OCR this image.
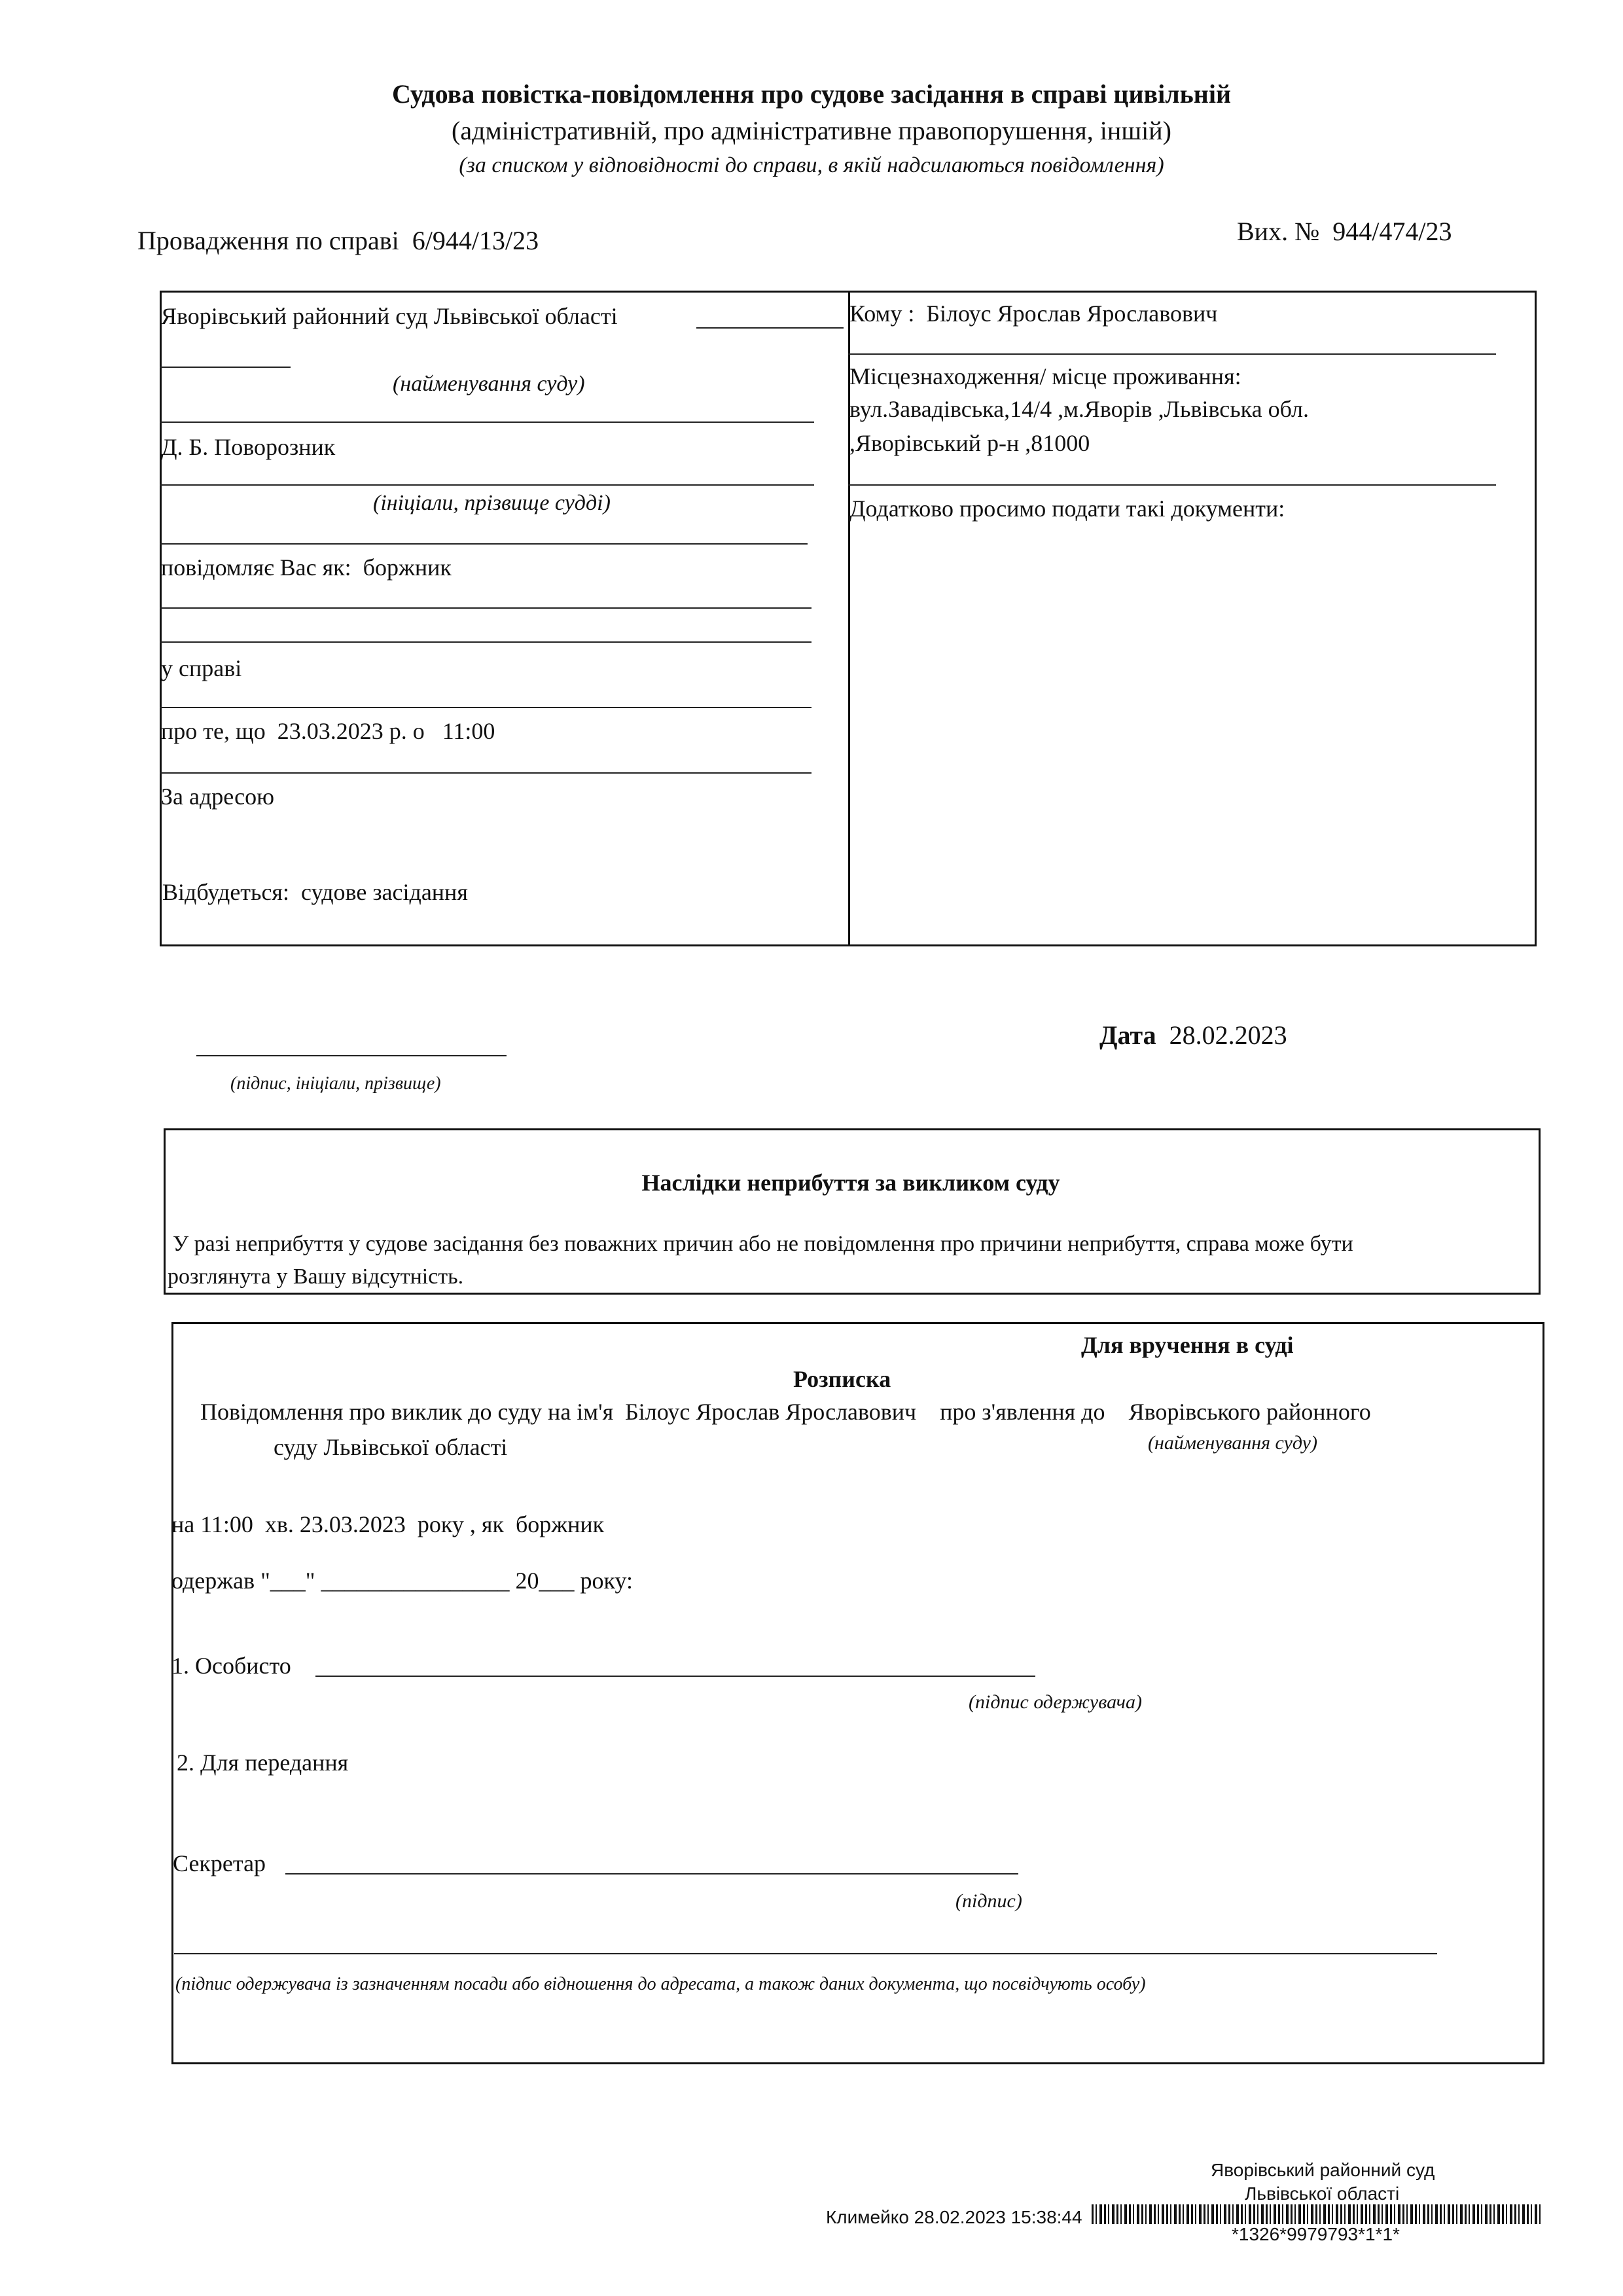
Судова повістка-повідомлення про судове засідання в справі цивільній
(адміністративній, про адміністративне правопорушення, іншій)
(за списком у відповідності до справи, в якій надсилаються повідомлення)
Провадження по справі 6/944/13/23	Вих. № 944/474/23
Яворівський районний суд Львівської області
(найменування суду)
Д. Б. Поворозник
(ініціали, прізвище судді)
повідомляє Вас як: боржник
у справі
про те, що 23.03.2023 р. о 11:00
За адресою
Відбудеться: судове засідання
Кому : Білоус Ярослав Ярославович
Місцезнаходження/ місце проживання:
вул.Завадівська,14/4 ,м.Яворів ,Львівська обл.
,Яворівський р-н ,81000
Додатково просимо подати такі документи:
(підпис, ініціали, прізвище)
Дата 28.02.2023
Наслідки неприбуття за викликом суду
У разі неприбуття у судове засідання без поважних причин або не повідомлення про причини неприбуття, справа може бути
розглянута у Вашу відсутність.
Для вручення в суді
Розписка
Повідомлення про виклик до суду на ім'я Білоус Ярослав Ярославович про з'явлення до Яворівського районного
суду Львівської області	(найменування суду)
на 11:00 хв. 23.03.2023 року , як боржник
одержав "___" ________________ 20___ року:
1. Особисто
(підпис одержувача)
2. Для передання
Секретар
(підпис)
(підпис одержувача із зазначенням посади або відношення до адресата, а також даних документа, що посвідчують особу)
Яворівський районний суд
Львівської області
Климейко 28.02.2023 15:38:44
*1326*9979793*1*1*
